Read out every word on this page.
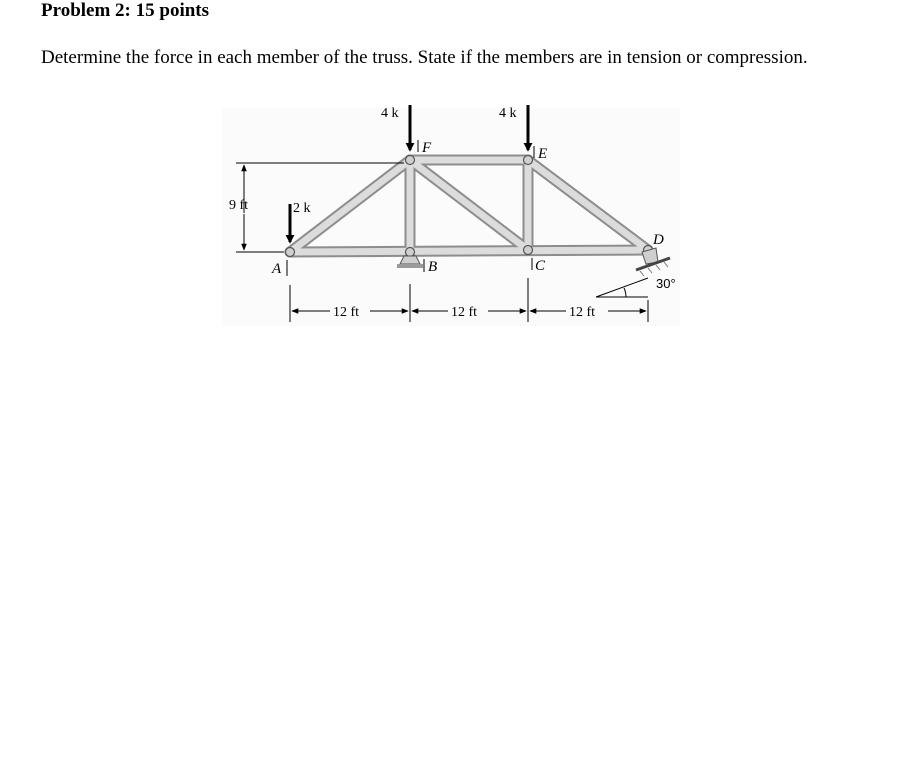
Problem 2: 15 points
Determine the force in each member of the truss. State if the members are in tension or compression.
30°
4 k	4 k
2 k
A	B	C
D
E
F
9 ft
12 ft	12 ft	12 ft
